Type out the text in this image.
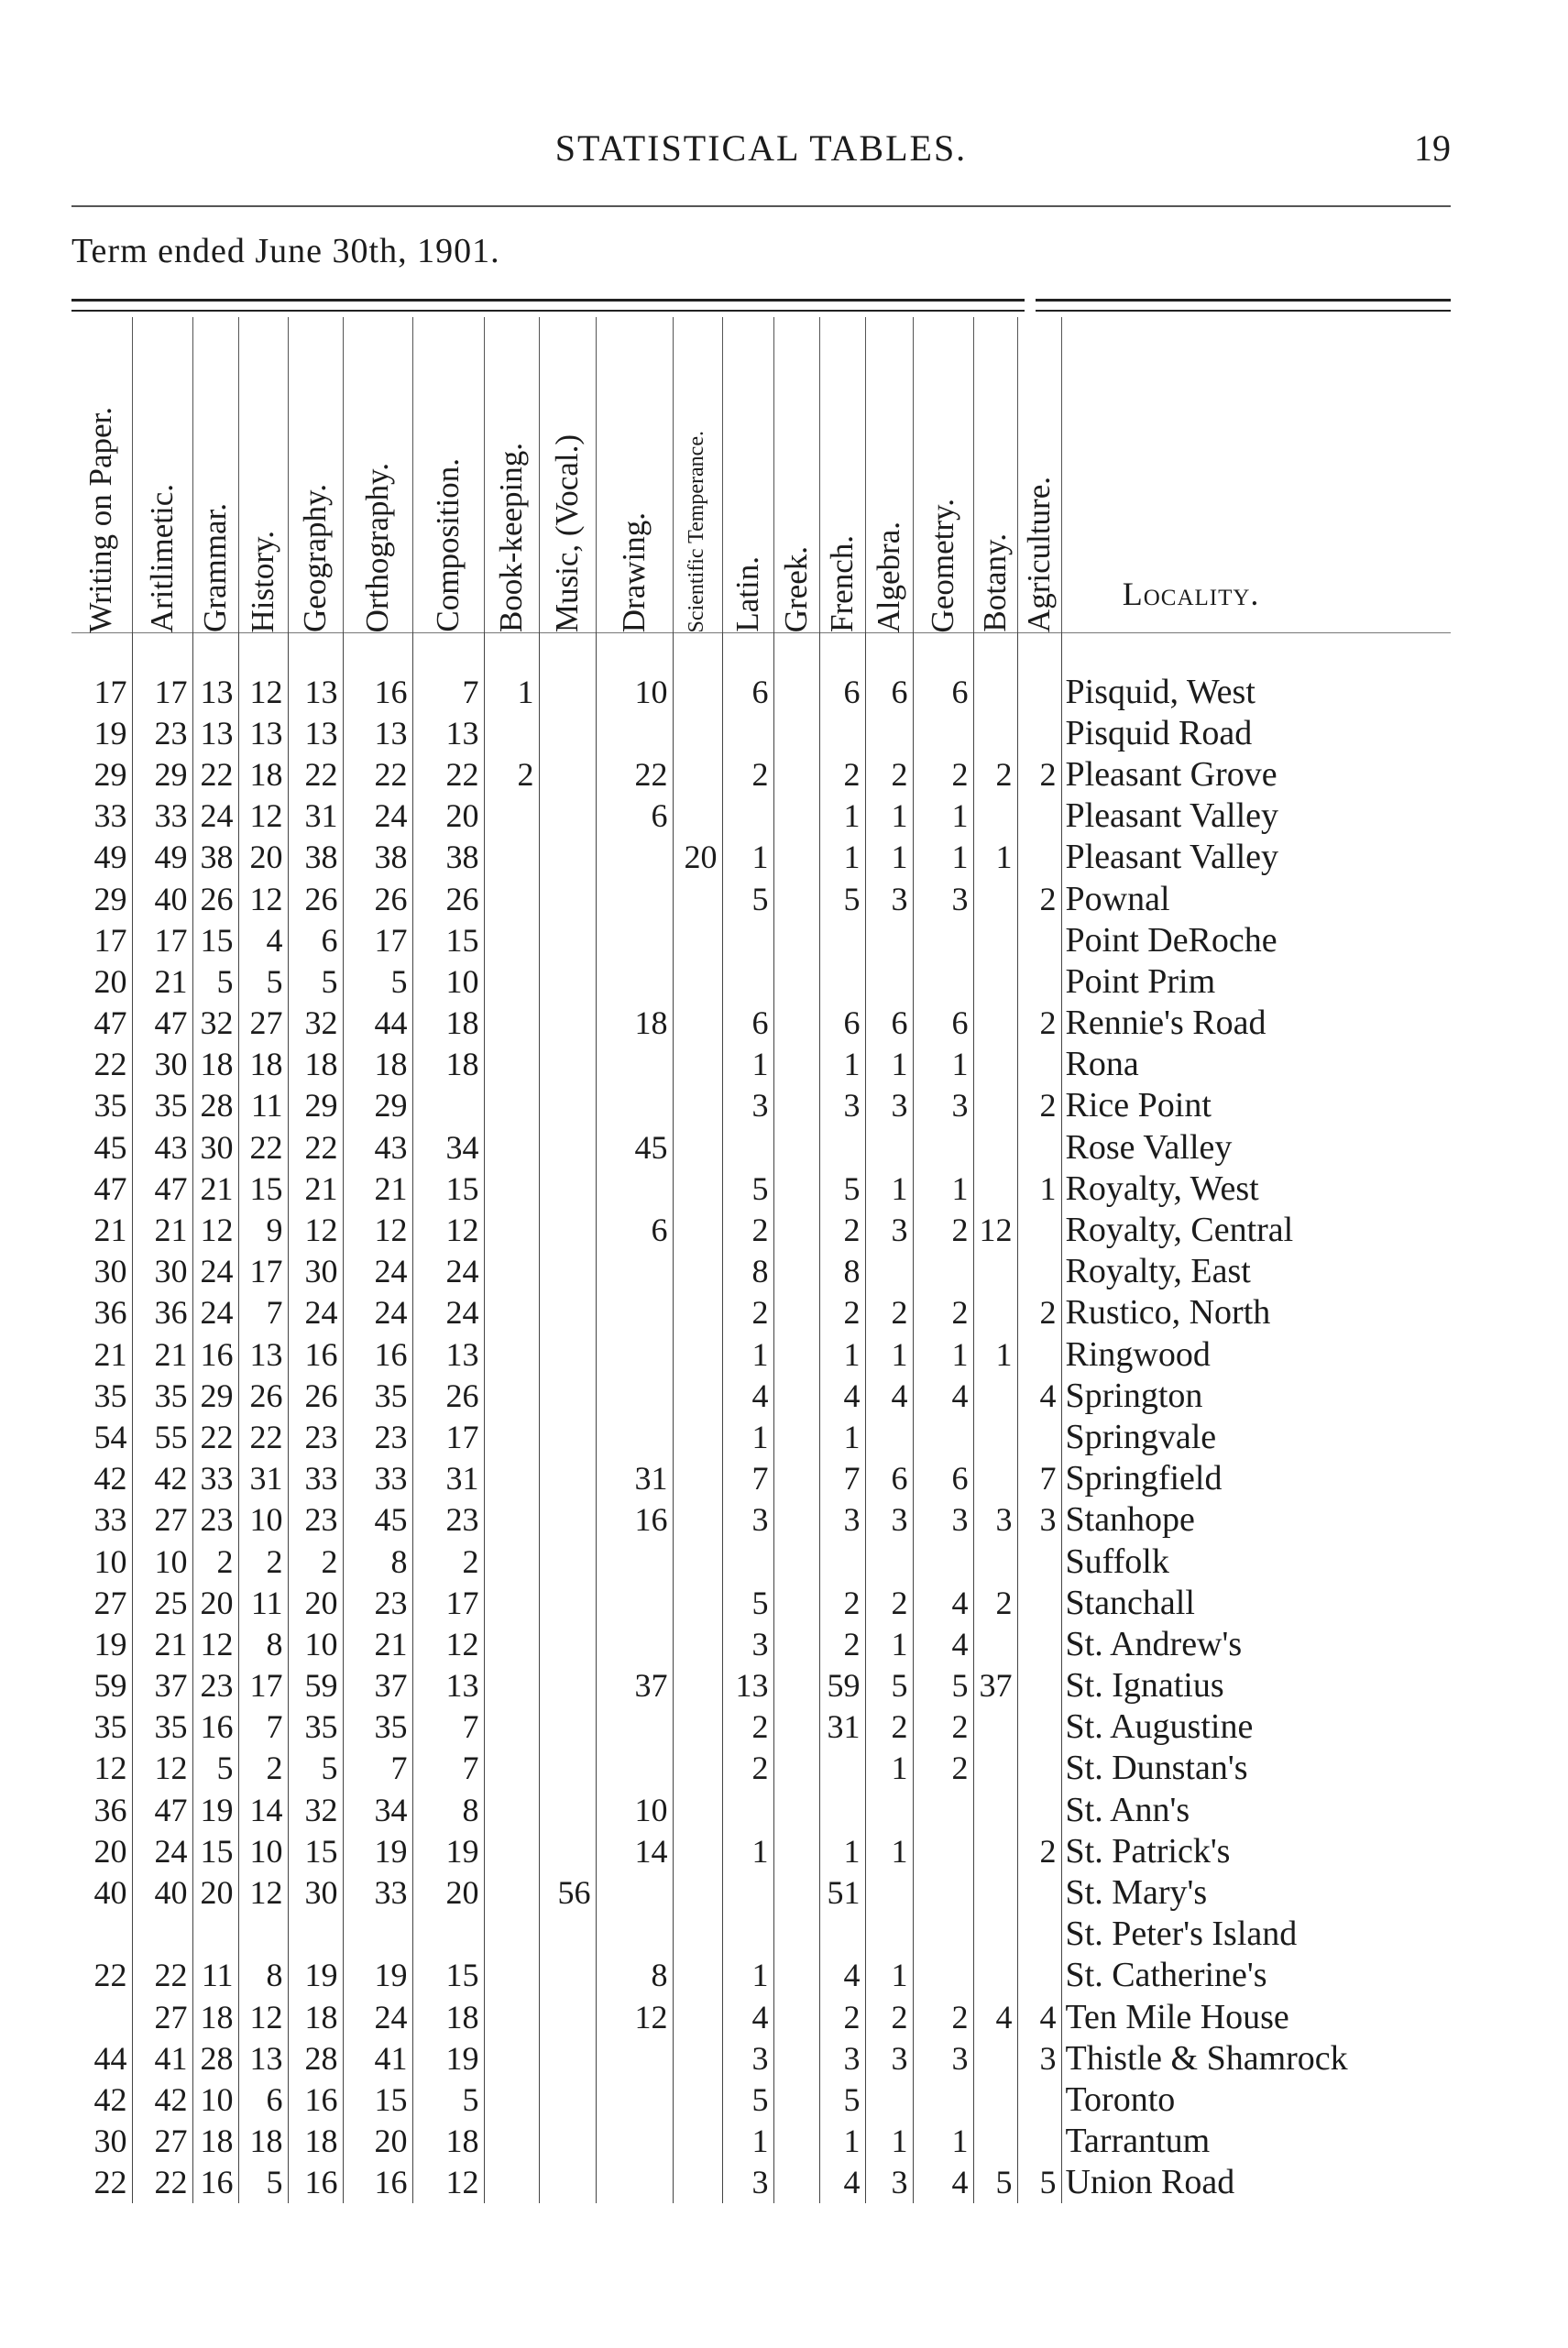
STATISTICAL TABLES.	19
Term ended June 30th, 1901.
Writing on Paper.	Aritlimetic.	Grammar.	History.	Geography.	Orthography.	Composition.	Book-keeping.	Music, (Vocal.)	Drawing.	Scientific Temperance.	Latin.	Greek.	French.	Algebra.	Geometry.	Botany.	Agriculture.	Locality.

17	17	13	12	13	16	7	1		10		6		6	6	6			Pisquid, West
19	23	13	13	13	13	13												Pisquid Road
29	29	22	18	22	22	22	2		22		2		2	2	2	2	2	Pleasant Grove
33	33	24	12	31	24	20			6				1	1	1			Pleasant Valley
49	49	38	20	38	38	38				20	1		1	1	1	1		Pleasant Valley
29	40	26	12	26	26	26					5		5	3	3		2	Pownal
17	17	15	4	6	17	15												Point DeRoche
20	21	5	5	5	5	10												Point Prim
47	47	32	27	32	44	18			18		6		6	6	6		2	Rennie's Road
22	30	18	18	18	18	18					1		1	1	1			Rona
35	35	28	11	29	29						3		3	3	3		2	Rice Point
45	43	30	22	22	43	34			45									Rose Valley
47	47	21	15	21	21	15					5		5	1	1		1	Royalty, West
21	21	12	9	12	12	12			6		2		2	3	2	12		Royalty, Central
30	30	24	17	30	24	24					8		8					Royalty, East
36	36	24	7	24	24	24					2		2	2	2		2	Rustico, North
21	21	16	13	16	16	13					1		1	1	1	1		Ringwood
35	35	29	26	26	35	26					4		4	4	4		4	Springton
54	55	22	22	23	23	17					1		1					Springvale
42	42	33	31	33	33	31			31		7		7	6	6		7	Springfield
33	27	23	10	23	45	23			16		3		3	3	3	3	3	Stanhope
10	10	2	2	2	8	2												Suffolk
27	25	20	11	20	23	17					5		2	2	4	2		Stanchall
19	21	12	8	10	21	12					3		2	1	4			St. Andrew's
59	37	23	17	59	37	13			37		13		59	5	5	37		St. Ignatius
35	35	16	7	35	35	7					2		31	2	2			St. Augustine
12	12	5	2	5	7	7					2			1	2			St. Dunstan's
36	47	19	14	32	34	8			10									St. Ann's
20	24	15	10	15	19	19			14		1		1	1			2	St. Patrick's
40	40	20	12	30	33	20		56					51					St. Mary's
																		St. Peter's Island
22	22	11	8	19	19	15			8		1		4	1				St. Catherine's
	27	18	12	18	24	18			12		4		2	2	2	4	4	Ten Mile House
44	41	28	13	28	41	19					3		3	3	3		3	Thistle & Shamrock
42	42	10	6	16	15	5					5		5					Toronto
30	27	18	18	18	20	18					1		1	1	1			Tarrantum
22	22	16	5	16	16	12					3		4	3	4	5	5	Union Road
